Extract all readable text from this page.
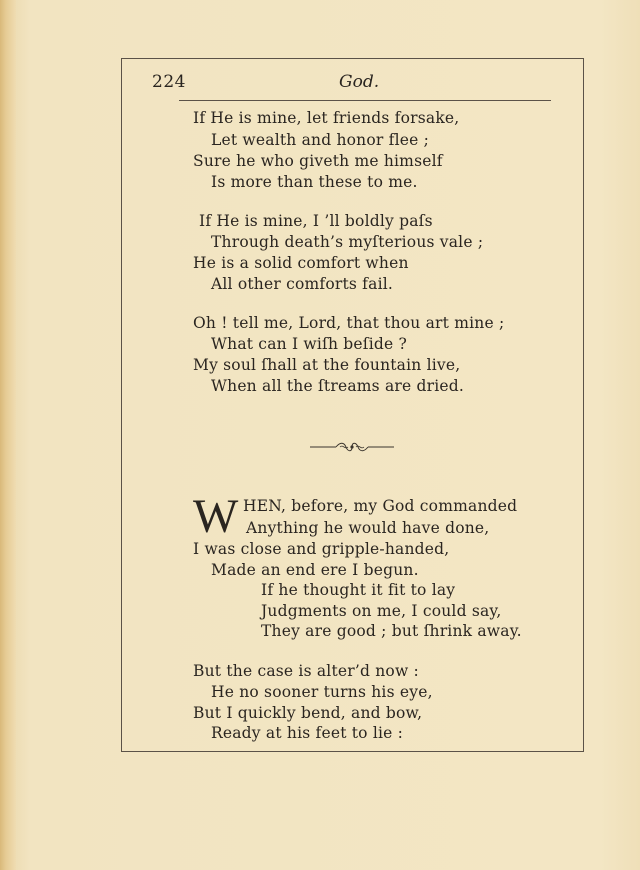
224	God.
If He is mine, let friends forsake,
Let wealth and honor flee ;
Sure he who giveth me himself
Is more than these to me.
If He is mine, I ’ll boldly paſs
Through death’s myſterious vale ;
He is a solid comfort when
All other comforts fail.
Oh ! tell me, Lord, that thou art mine ;
What can I wiſh beſide ?
My soul ſhall at the fountain live,
When all the ſtreams are dried.
W HEN, before, my God commanded
Anything he would have done,
I was close and gripple-handed,
Made an end ere I begun.
If he thought it fit to lay
Judgments on me, I could say,
They are good ; but ſhrink away.
But the case is alter’d now :
He no sooner turns his eye,
But I quickly bend, and bow,
Ready at his feet to lie :
